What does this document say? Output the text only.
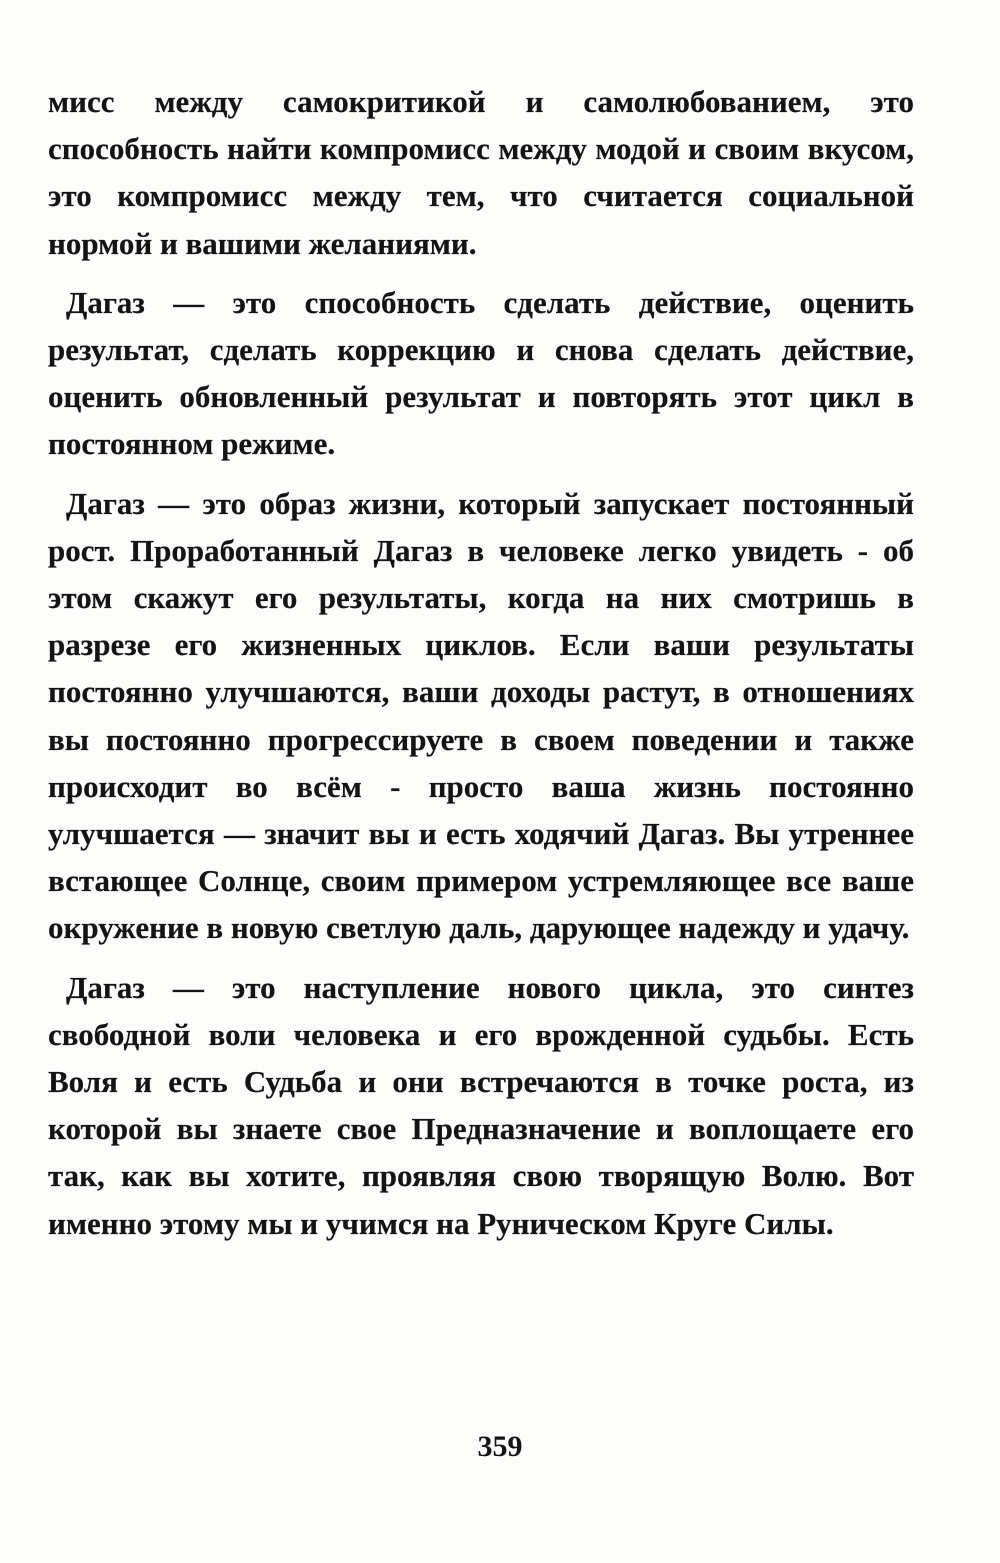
мисс между самокритикой и самолюбованием, это способность найти компромисс между модой и своим вкусом, это компромисс между тем, что считается социальной нормой и вашими желаниями.

Дагаз — это способность сделать действие, оценить результат, сделать коррекцию и снова сделать действие, оценить обновленный результат и повторять этот цикл в постоянном режиме.

Дагаз — это образ жизни, который запускает постоянный рост. Проработанный Дагаз в человеке легко увидеть - об этом скажут его результаты, когда на них смотришь в разрезе его жизненных циклов. Если ваши результаты постоянно улучшаются, ваши доходы растут, в отношениях вы постоянно прогрессируете в своем поведении и также происходит во всём - просто ваша жизнь постоянно улучшается — значит вы и есть ходячий Дагаз. Вы утреннее встающее Солнце, своим примером устремляющее все ваше окружение в новую светлую даль, дарующее надежду и удачу.

Дагаз — это наступление нового цикла, это синтез свободной воли человека и его врожденной судьбы. Есть Воля и есть Судьба и они встречаются в точке роста, из которой вы знаете свое Предназначение и воплощаете его так, как вы хотите, проявляя свою творящую Волю. Вот именно этому мы и учимся на Руническом Круге Силы.

359
